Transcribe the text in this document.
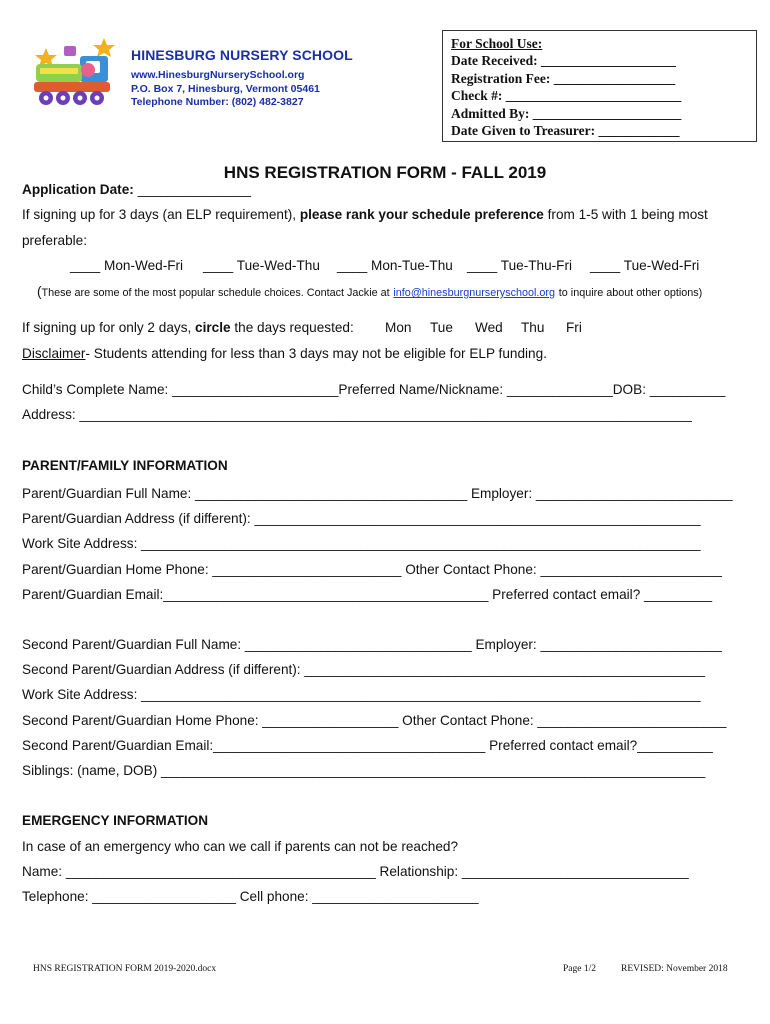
HINESBURG NURSERY SCHOOL
www.HinesburgNurserySchool.org
P.O. Box 7, Hinesburg, Vermont 05461
Telephone Number: (802) 482-3827
For School Use:
Date Received: ____________________
Registration Fee: __________________
Check #: __________________________
Admitted By: ______________________
Date Given to Treasurer: ____________
HNS REGISTRATION FORM - FALL 2019
Application Date: _______________
If signing up for 3 days (an ELP requirement), please rank your schedule preference from 1-5 with 1 being most
preferable:
____ Mon-Wed-Fri ____ Tue-Wed-Thu ____ Mon-Tue-Thu ____ Tue-Thu-Fri ____ Tue-Wed-Fri
(These are some of the most popular schedule choices. Contact Jackie at info@hinesburgnurseryschool.org to inquire about other options)
If signing up for only 2 days, circle the days requested: Mon Tue Wed Thu Fri
Disclaimer- Students attending for less than 3 days may not be eligible for ELP funding.
Child’s Complete Name: ______________________Preferred Name/Nickname: ______________DOB: __________
Address: _________________________________________________________________________________
PARENT/FAMILY INFORMATION
Parent/Guardian Full Name: ____________________________________ Employer: __________________________
Parent/Guardian Address (if different): ___________________________________________________________
Work Site Address: __________________________________________________________________________
Parent/Guardian Home Phone: _________________________ Other Contact Phone: ________________________
Parent/Guardian Email:___________________________________________ Preferred contact email? _________
Second Parent/Guardian Full Name: ______________________________ Employer: ________________________
Second Parent/Guardian Address (if different): _____________________________________________________
Work Site Address: __________________________________________________________________________
Second Parent/Guardian Home Phone: __________________ Other Contact Phone: _________________________
Second Parent/Guardian Email:____________________________________ Preferred contact email?__________
Siblings: (name, DOB) ________________________________________________________________________
EMERGENCY INFORMATION
In case of an emergency who can we call if parents can not be reached?
Name: _________________________________________ Relationship: ______________________________
Telephone: ___________________ Cell phone: ______________________
HNS REGISTRATION FORM 2019-2020.docx	Page 1/2	REVISED: November 2018
